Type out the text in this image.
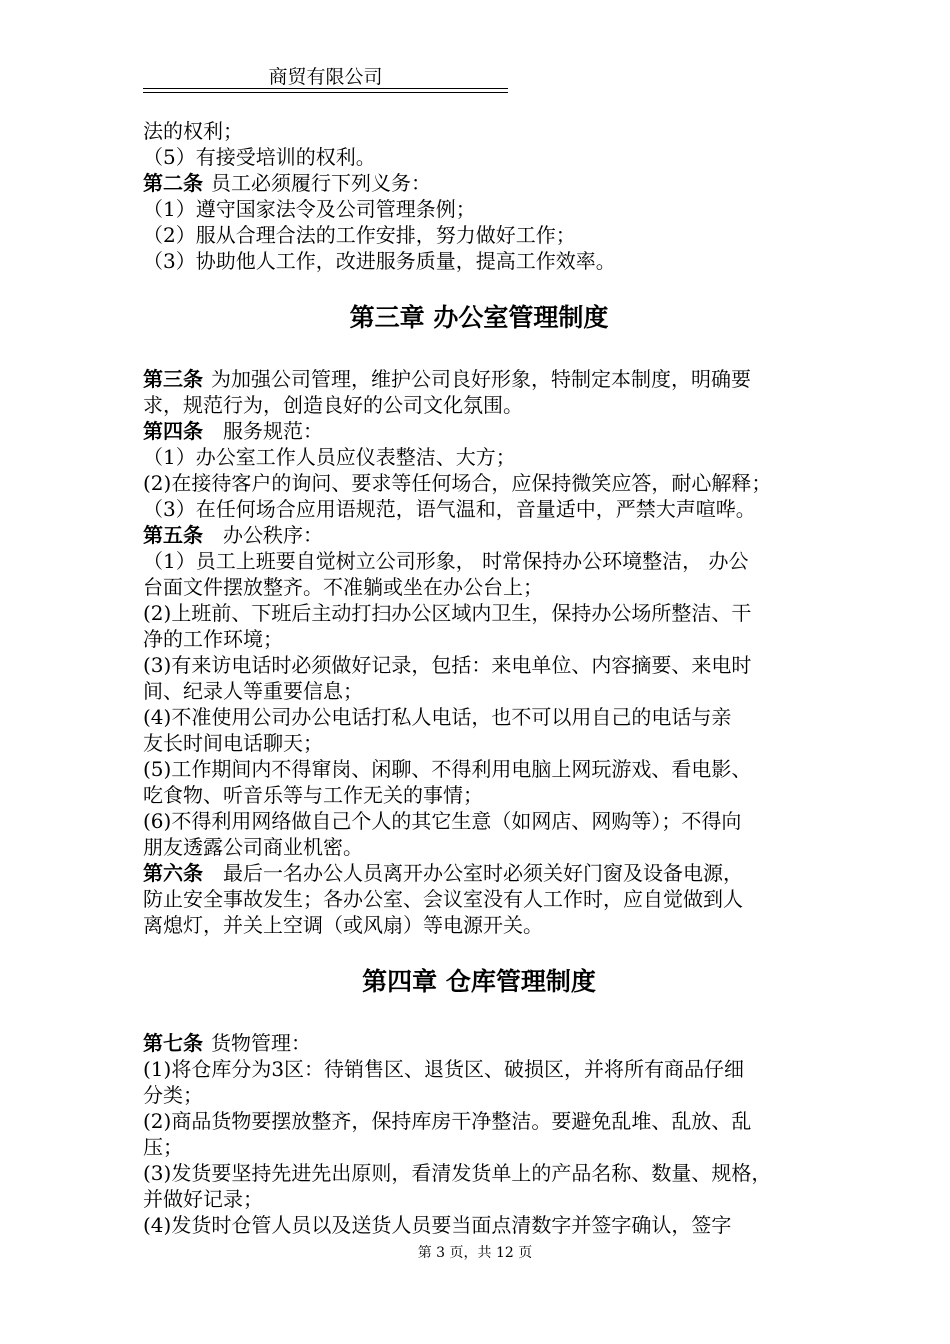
商贸有限公司
法的权利；
（5）有接受培训的权利。
第二条 员工必须履行下列义务：
（1）遵守国家法令及公司管理条例；
（2）服从合理合法的工作安排，努力做好工作；
（3）协助他人工作，改进服务质量，提高工作效率。
第三章 办公室管理制度
第三条 为加强公司管理，维护公司良好形象，特制定本制度，明确要
求，规范行为，创造良好的公司文化氛围。
第四条 服务规范：
（1）办公室工作人员应仪表整洁、大方；
(2)在接待客户的询问、要求等任何场合，应保持微笑应答，耐心解释；
（3）在任何场合应用语规范，语气温和，音量适中，严禁大声喧哗。
第五条 办公秩序：
（1）员工上班要自觉树立公司形象， 时常保持办公环境整洁， 办公
台面文件摆放整齐。不准躺或坐在办公台上；
(2)上班前、下班后主动打扫办公区域内卫生，保持办公场所整洁、干
净的工作环境；
(3)有来访电话时必须做好记录，包括：来电单位、内容摘要、来电时
间、纪录人等重要信息；
(4)不准使用公司办公电话打私人电话，也不可以用自己的电话与亲
友长时间电话聊天；
(5)工作期间内不得窜岗、闲聊、不得利用电脑上网玩游戏、看电影、
吃食物、听音乐等与工作无关的事情；
(6)不得利用网络做自己个人的其它生意（如网店、网购等）；不得向
朋友透露公司商业机密。
第六条 最后一名办公人员离开办公室时必须关好门窗及设备电源，
防止安全事故发生；各办公室、会议室没有人工作时，应自觉做到人
离熄灯，并关上空调（或风扇）等电源开关。
第四章 仓库管理制度
第七条 货物管理：
(1)将仓库分为3区：待销售区、退货区、破损区，并将所有商品仔细
分类；
(2)商品货物要摆放整齐，保持库房干净整洁。要避免乱堆、乱放、乱
压；
(3)发货要坚持先进先出原则，看清发货单上的产品名称、数量、规格，
并做好记录；
(4)发货时仓管人员以及送货人员要当面点清数字并签字确认，签字
第 3 页，共 12 页
